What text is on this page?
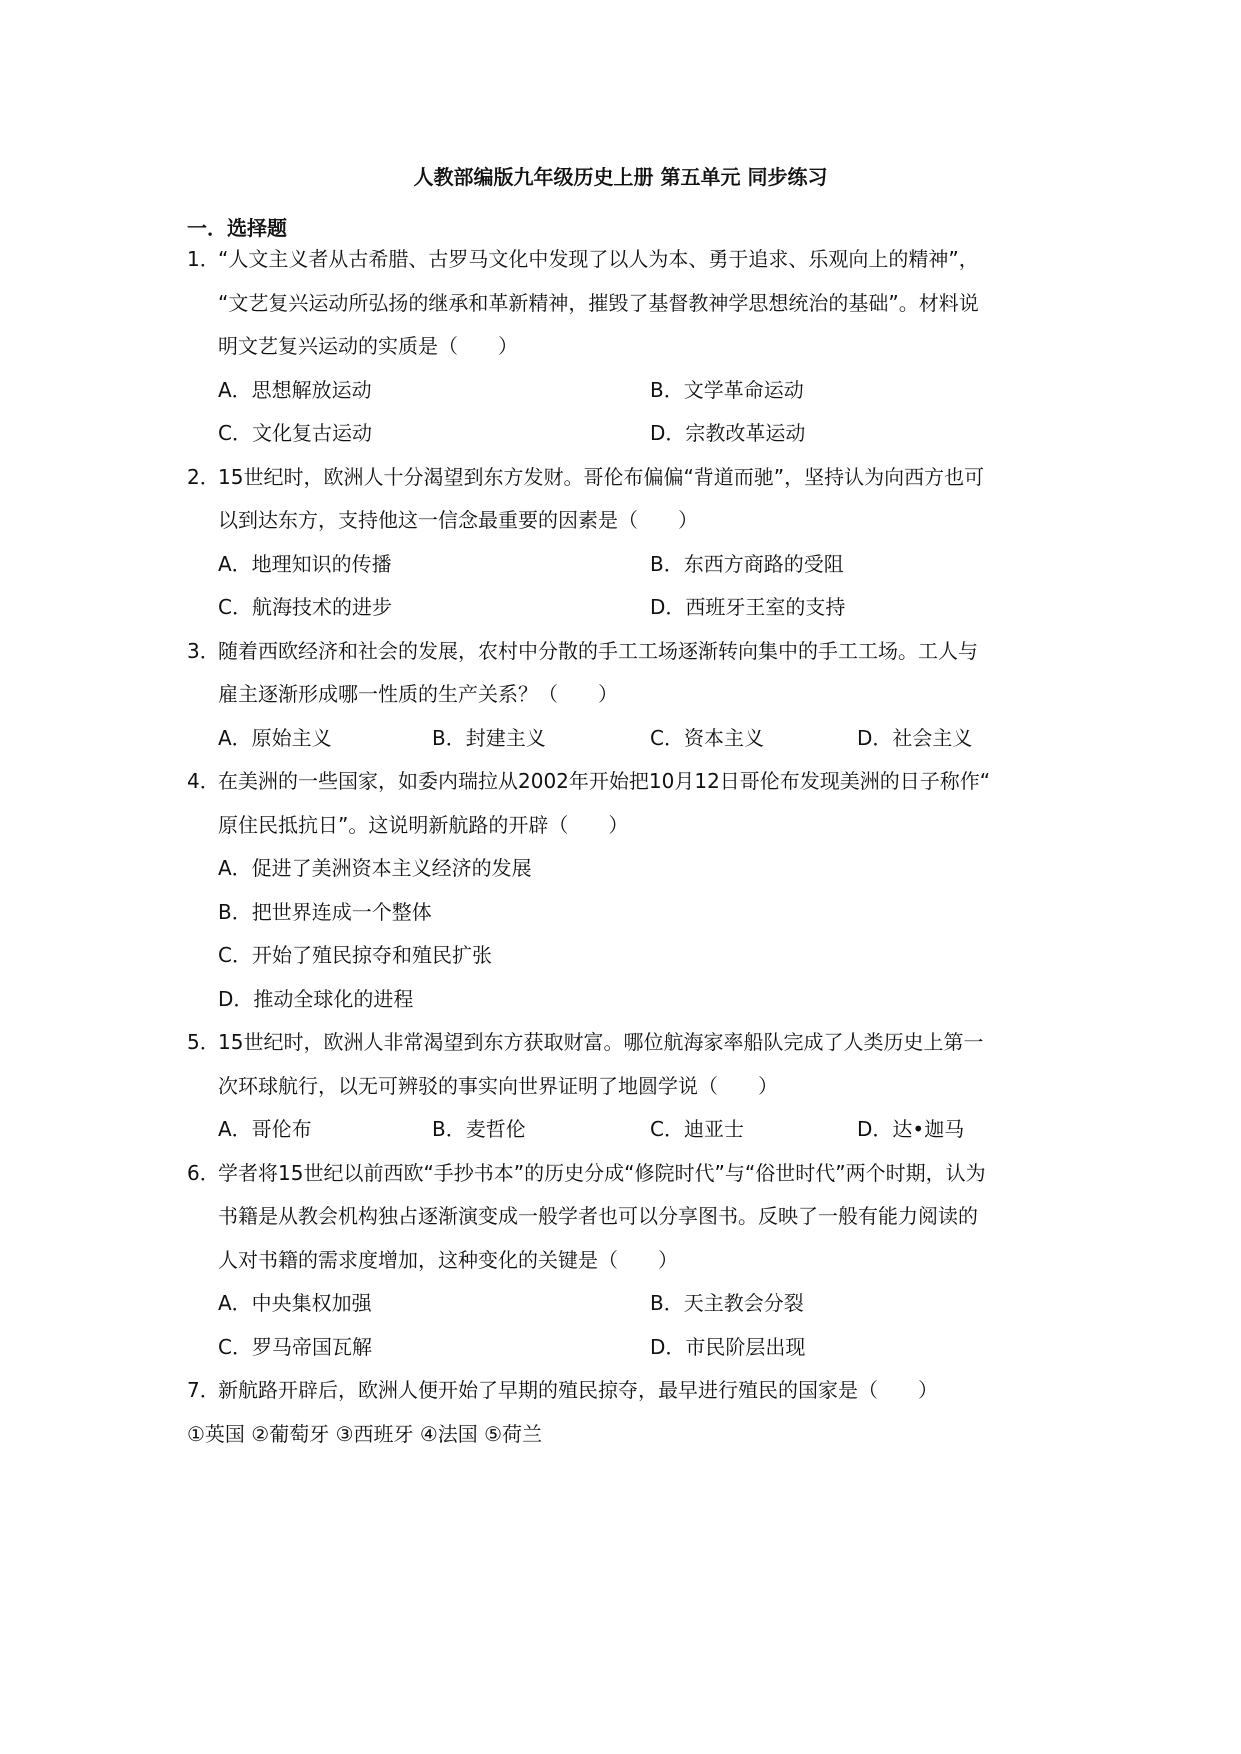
人教部编版九年级历史上册 第五单元 同步练习
一．选择题
1．
“人文主义者从古希腊、古罗马文化中发现了以人为本、勇于追求、乐观向上的精神”，
“文艺复兴运动所弘扬的继承和革新精神，摧毁了基督教神学思想统治的基础”。材料说
明文艺复兴运动的实质是（　　）
A．思想解放运动	B．文学革命运动
C．文化复古运动	D．宗教改革运动
2．
15世纪时，欧洲人十分渴望到东方发财。哥伦布偏偏“背道而驰”，坚持认为向西方也可
以到达东方，支持他这一信念最重要的因素是（　　）
A．地理知识的传播	B．东西方商路的受阻
C．航海技术的进步	D．西班牙王室的支持
3．
随着西欧经济和社会的发展，农村中分散的手工工场逐渐转向集中的手工工场。工人与
雇主逐渐形成哪一性质的生产关系？（　　）
A．原始主义	B．封建主义	C．资本主义	D．社会主义
4．
在美洲的一些国家，如委内瑞拉从2002年开始把10月12日哥伦布发现美洲的日子称作“
原住民抵抗日”。这说明新航路的开辟（　　）
A．促进了美洲资本主义经济的发展
B．把世界连成一个整体
C．开始了殖民掠夺和殖民扩张
D．推动全球化的进程
5．
15世纪时，欧洲人非常渴望到东方获取财富。哪位航海家率船队完成了人类历史上第一
次环球航行，以无可辨驳的事实向世界证明了地圆学说（　　）
A．哥伦布	B．麦哲伦	C．迪亚士	D．达•迦马
6．
学者将15世纪以前西欧“手抄书本”的历史分成“修院时代”与“俗世时代”两个时期，认为
书籍是从教会机构独占逐渐演变成一般学者也可以分享图书。反映了一般有能力阅读的
人对书籍的需求度增加，这种变化的关键是（　　）
A．中央集权加强	B．天主教会分裂
C．罗马帝国瓦解	D．市民阶层出现
7．
新航路开辟后，欧洲人便开始了早期的殖民掠夺，最早进行殖民的国家是（　　）
①英国 ②葡萄牙 ③西班牙 ④法国 ⑤荷兰
